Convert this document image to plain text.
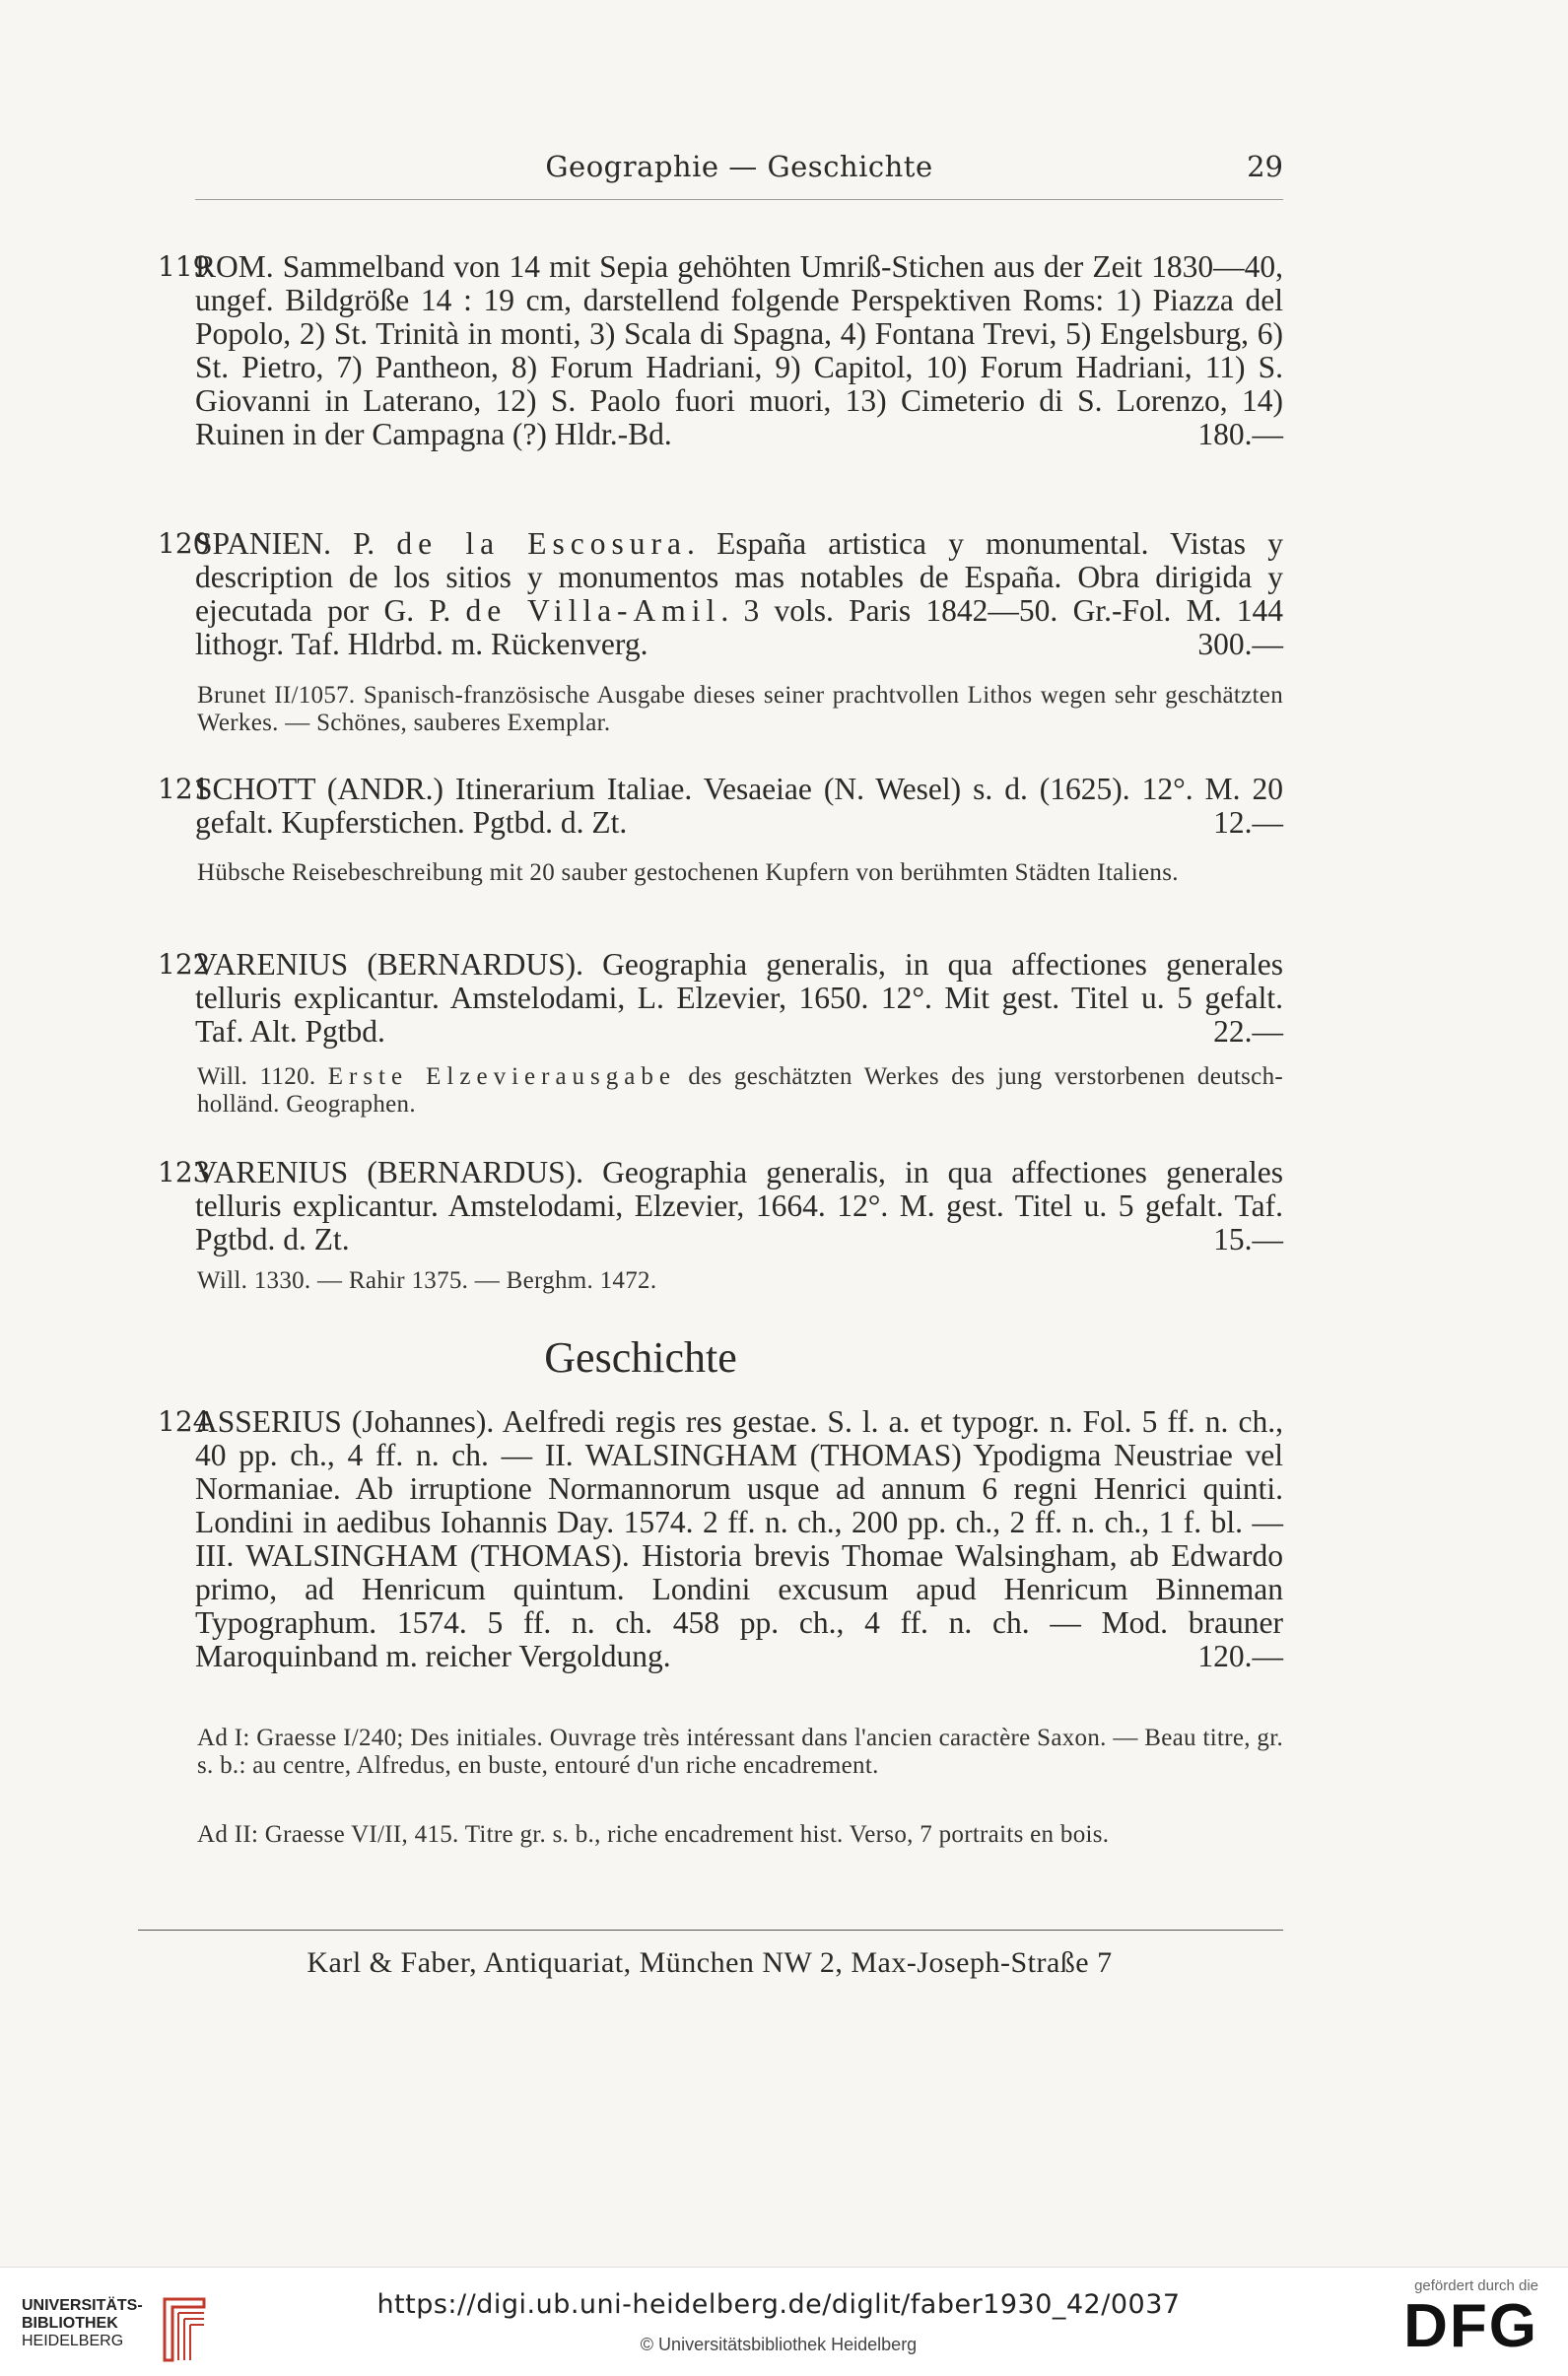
Geographie — Geschichte	29
119
ROM. Sammelband von 14 mit Sepia gehöhten Umriß-Stichen aus der Zeit 1830—40, ungef. Bildgröße 14 : 19 cm, darstellend folgende Perspektiven Roms: 1) Piazza del Popolo, 2) St. Trinità in monti, 3) Scala di Spagna, 4) Fontana Trevi, 5) Engelsburg, 6) St. Pietro, 7) Pantheon, 8) Forum Hadriani, 9) Capitol, 10) Forum Hadriani, 11) S. Giovanni in Laterano, 12) S. Paolo fuori muori, 13) Cimeterio di S. Lorenzo, 14) Ruinen in der Campagna (?) Hldr.-Bd.	180.—
120
SPANIEN. P. de la Escosura. España artistica y monumental. Vistas y description de los sitios y monumentos mas notables de España. Obra dirigida y ejecutada por G. P. de Villa-Amil. 3 vols. Paris 1842—50. Gr.-Fol. M. 144 lithogr. Taf. Hldrbd. m. Rückenverg.	300.—
Brunet II/1057. Spanisch-französische Ausgabe dieses seiner prachtvollen Lithos wegen sehr geschätzten Werkes. — Schönes, sauberes Exemplar.
121
SCHOTT (ANDR.) Itinerarium Italiae. Vesaeiae (N. Wesel) s. d. (1625). 12°. M. 20 gefalt. Kupferstichen. Pgtbd. d. Zt.	12.—
Hübsche Reisebeschreibung mit 20 sauber gestochenen Kupfern von berühmten Städten Italiens.
122
VARENIUS (BERNARDUS). Geographia generalis, in qua affectiones generales telluris explicantur. Amstelodami, L. Elzevier, 1650. 12°. Mit gest. Titel u. 5 gefalt. Taf. Alt. Pgtbd.	22.—
Will. 1120. Erste Elzevierausgabe des geschätzten Werkes des jung verstorbenen deutsch-holländ. Geographen.
123
VARENIUS (BERNARDUS). Geographia generalis, in qua affectiones generales telluris explicantur. Amstelodami, Elzevier, 1664. 12°. M. gest. Titel u. 5 gefalt. Taf. Pgtbd. d. Zt.	15.—
Will. 1330. — Rahir 1375. — Berghm. 1472.
Geschichte
124
ASSERIUS (Johannes). Aelfredi regis res gestae. S. l. a. et typogr. n. Fol. 5 ff. n. ch., 40 pp. ch., 4 ff. n. ch. — II. WALSINGHAM (THOMAS) Ypodigma Neustriae vel Normaniae. Ab irruptione Normannorum usque ad annum 6 regni Henrici quinti. Londini in aedibus Iohannis Day. 1574. 2 ff. n. ch., 200 pp. ch., 2 ff. n. ch., 1 f. bl. — III. WALSINGHAM (THOMAS). Historia brevis Thomae Walsingham, ab Edwardo primo, ad Henricum quintum. Londini excusum apud Henricum Binneman Typographum. 1574. 5 ff. n. ch. 458 pp. ch., 4 ff. n. ch. — Mod. brauner Maroquinband m. reicher Vergoldung.	120.—
Ad I: Graesse I/240; Des initiales. Ouvrage très intéressant dans l'ancien caractère Saxon. — Beau titre, gr. s. b.: au centre, Alfredus, en buste, entouré d'un riche encadrement.
Ad II: Graesse VI/II, 415. Titre gr. s. b., riche encadrement hist. Verso, 7 portraits en bois.
Karl & Faber, Antiquariat, München NW 2, Max-Joseph-Straße 7
UNIVERSITÄTS-
BIBLIOTHEK
HEIDELBERG
https://digi.ub.uni-heidelberg.de/diglit/faber1930_42/0037
© Universitätsbibliothek Heidelberg
gefördert durch die
DFG
